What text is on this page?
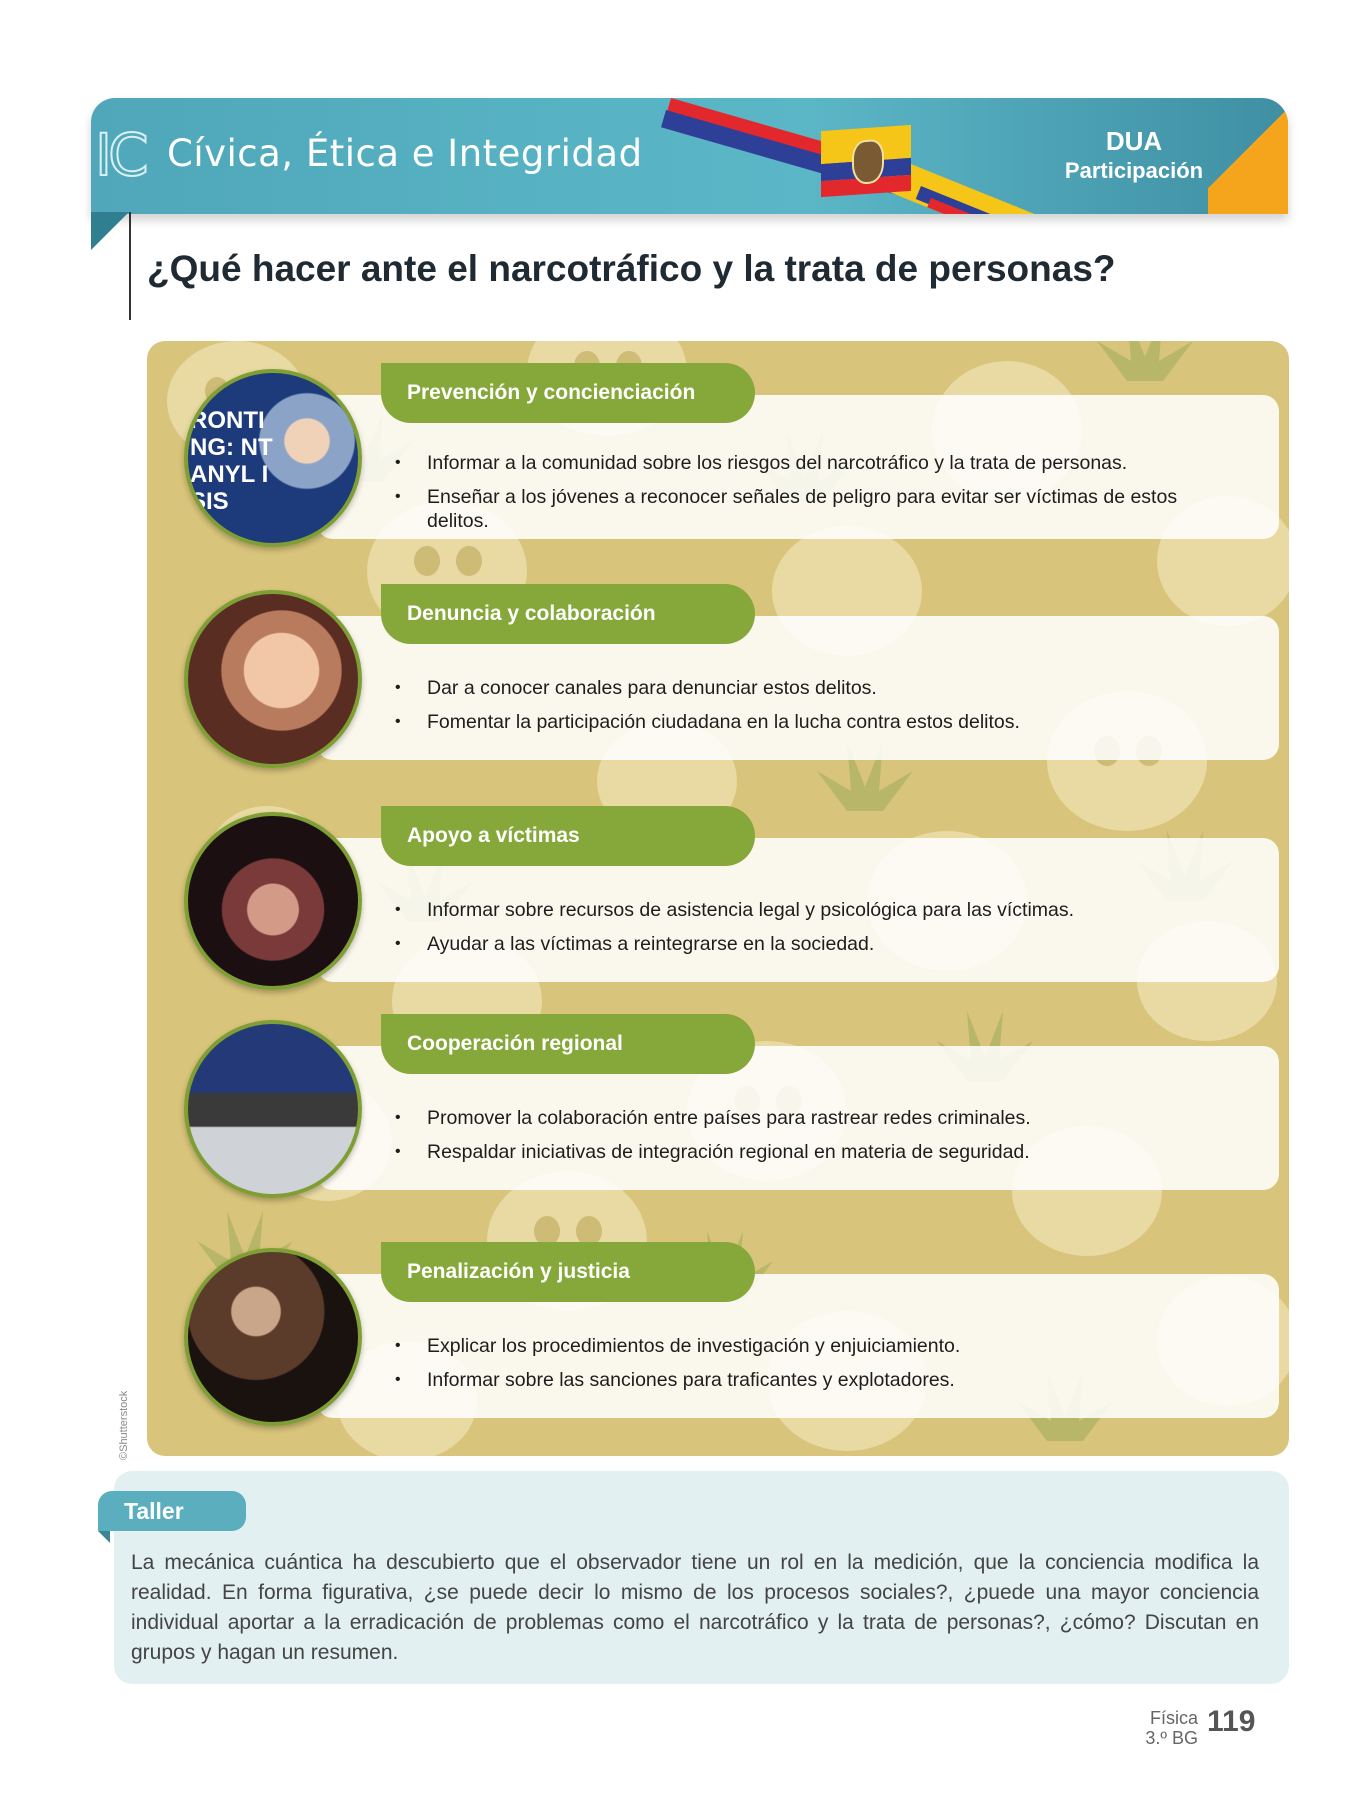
IC Cívica, Ética e Integridad	DUA
Participación
¿Qué hacer ante el narcotráfico y la trata de personas?
RONTING: NTANYL ISIS
Prevención y concienciación
• Informar a la comunidad sobre los riesgos del narcotráfico y la trata de personas.
• Enseñar a los jóvenes a reconocer señales de peligro para evitar ser víctimas de estos delitos.
Denuncia y colaboración
• Dar a conocer canales para denunciar estos delitos.
• Fomentar la participación ciudadana en la lucha contra estos delitos.
Apoyo a víctimas
• Informar sobre recursos de asistencia legal y psicológica para las víctimas.
• Ayudar a las víctimas a reintegrarse en la sociedad.
Cooperación regional
• Promover la colaboración entre países para rastrear redes criminales.
• Respaldar iniciativas de integración regional en materia de seguridad.
Penalización y justicia
• Explicar los procedimientos de investigación y enjuiciamiento.
• Informar sobre las sanciones para traficantes y explotadores.
©Shutterstock
Taller

La mecánica cuántica ha descubierto que el observador tiene un rol en la medición, que la conciencia modifica la realidad. En forma figurativa, ¿se puede decir lo mismo de los procesos sociales?, ¿puede una mayor conciencia individual aportar a la erradicación de problemas como el narcotráfico y la trata de personas?, ¿cómo? Discutan en grupos y hagan un resumen.

Física
3.º BG 119
